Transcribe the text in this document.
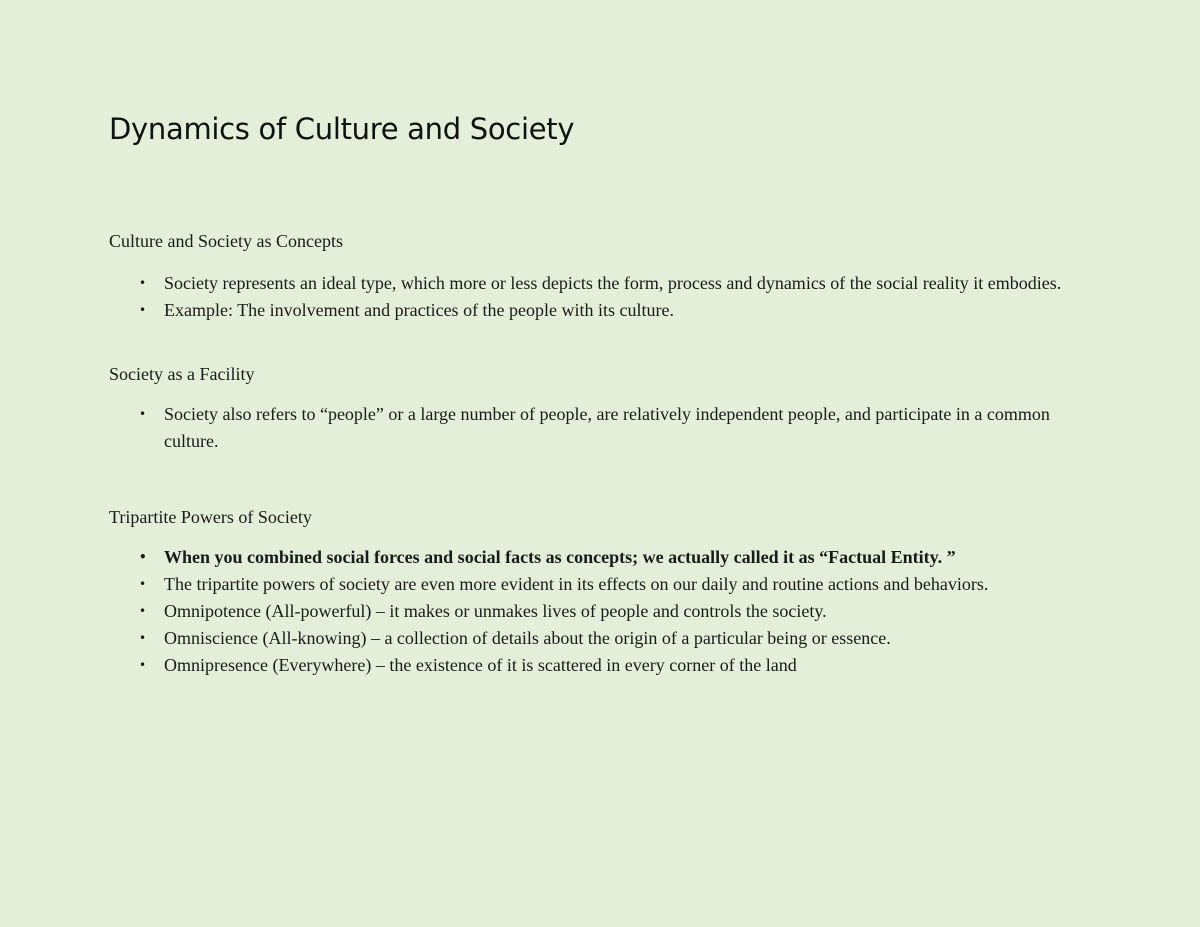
Dynamics of Culture and Society
Culture and Society as Concepts
• Society represents an ideal type, which more or less depicts the form, process and dynamics of the social reality it embodies.
• Example: The involvement and practices of the people with its culture.
Society as a Facility
• Society also refers to “people” or a large number of people, are relatively independent people, and participate in a common culture.
Tripartite Powers of Society
• When you combined social forces and social facts as concepts; we actually called it as “Factual Entity. ”
• The tripartite powers of society are even more evident in its effects on our daily and routine actions and behaviors.
• Omnipotence (All-powerful) – it makes or unmakes lives of people and controls the society.
• Omniscience (All-knowing) – a collection of details about the origin of a particular being or essence.
• Omnipresence (Everywhere) – the existence of it is scattered in every corner of the land
